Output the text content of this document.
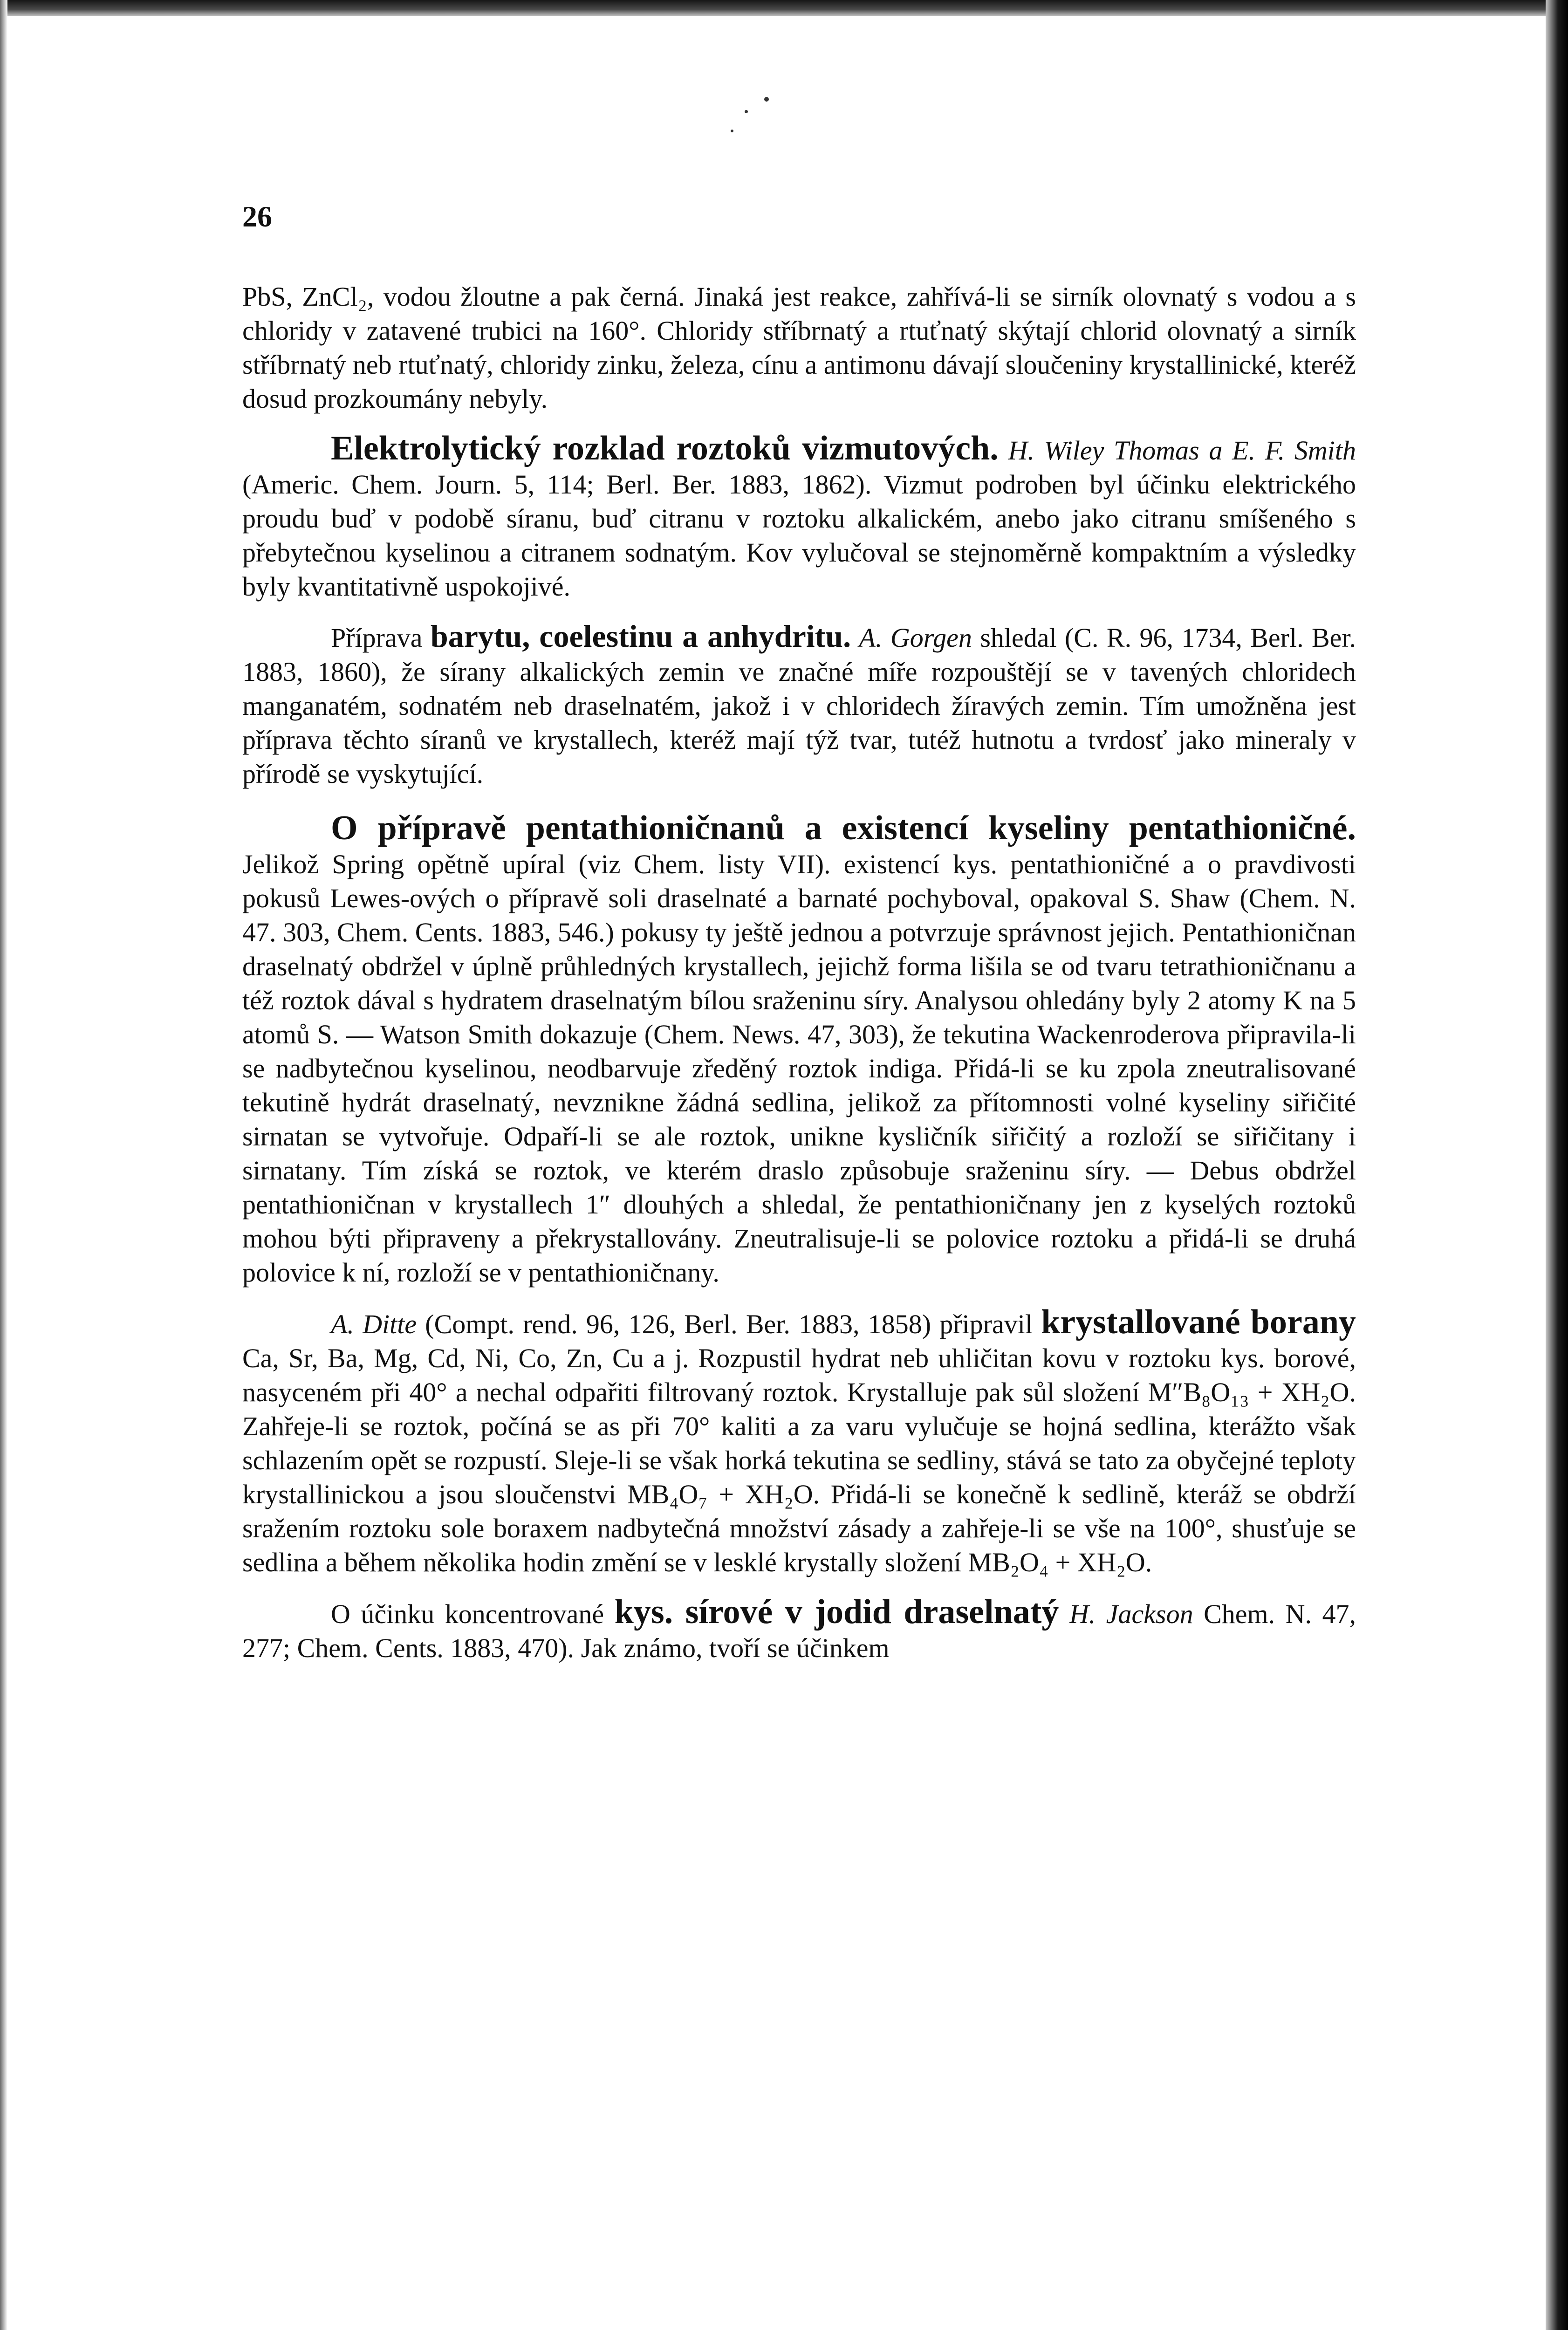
26

PbS, ZnCl₂, vodou žloutne a pak černá. Jinaká jest reakce, zahřívá-li se sirník olovnatý s vodou a s chloridy v zatavené trubici na 160°. Chloridy stříbrnatý a rtuťnatý skýtají chlorid olovnatý a sirník stříbrnatý neb rtuťnatý, chloridy zinku, železa, cínu a antimonu dávají sloučeniny krystallinické, kteréž dosud prozkoumány nebyly.

Elektrolytický rozklad roztoků vizmutových. H. Wiley Thomas a E. F. Smith (Americ. Chem. Journ. 5, 114; Berl. Ber. 1883, 1862). Vizmut podroben byl účinku elektrického proudu buď v podobě síranu, buď citranu v roztoku alkalickém, anebo jako citranu smíšeného s přebytečnou kyselinou a citranem sodnatým. Kov vylučoval se stejnoměrně kompaktním a výsledky byly kvantitativně uspokojivé.

Příprava barytu, coelestinu a anhydritu. A. Gorgen shledal (C. R. 96, 1734, Berl. Ber. 1883, 1860), že sírany alkalických zemin ve značné míře rozpouštějí se v tavených chloridech manganatém, sodnatém neb draselnatém, jakož i v chloridech žíravých zemin. Tím umožněna jest příprava těchto síranů ve krystallech, kteréž mají týž tvar, tutéž hutnotu a tvrdosť jako mineraly v přírodě se vyskytující.

O přípravě pentathioničnanů a existencí kyseliny pentathioničné. Jelikož Spring opětně upíral (viz Chem. listy VII). existencí kys. pentathioničné a o pravdivosti pokusů Lewes-ových o přípravě soli draselnaté a barnaté pochyboval, opakoval S. Shaw (Chem. N. 47. 303, Chem. Cents. 1883, 546.) pokusy ty ještě jednou a potvrzuje správnost jejich. Pentathioničnan draselnatý obdržel v úplně průhledných krystallech, jejichž forma lišila se od tvaru tetrathioničnanu a též roztok dával s hydratem draselnatým bílou sraženinu síry. Analysou ohledány byly 2 atomy K na 5 atomů S. — Watson Smith dokazuje (Chem. News. 47, 303), že tekutina Wackenroderova připravila-li se nadbytečnou kyselinou, neodbarvuje zředěný roztok indiga. Přidá-li se ku zpola zneutralisované tekutině hydrát draselnatý, nevznikne žádná sedlina, jelikož za přítomnosti volné kyseliny siřičité sirnatan se vytvořuje. Odpaří-li se ale roztok, unikne kysličník siřičitý a rozloží se siřičitany i sirnatany. Tím získá se roztok, ve kterém draslo způsobuje sraženinu síry. — Debus obdržel pentathioničnan v krystallech 1″ dlouhých a shledal, že pentathioničnany jen z kyselých roztoků mohou býti připraveny a překrystallovány. Zneutralisuje-li se polovice roztoku a přidá-li se druhá polovice k ní, rozloží se v pentathioničnany.

A. Ditte (Compt. rend. 96, 126, Berl. Ber. 1883, 1858) připravil krystallované borany Ca, Sr, Ba, Mg, Cd, Ni, Co, Zn, Cu a j. Rozpustil hydrat neb uhličitan kovu v roztoku kys. borové, nasyceném při 40° a nechal odpařiti filtrovaný roztok. Krystalluje pak sůl složení M″B₈O₁₃ + XH₂O. Zahřeje-li se roztok, počíná se as při 70° kaliti a za varu vylučuje se hojná sedlina, kterážto však schlazením opět se rozpustí. Sleje-li se však horká tekutina se sedliny, stává se tato za obyčejné teploty krystallinickou a jsou sloučenstvi MB₄O₇ + XH₂O. Přidá-li se konečně k sedlině, kteráž se obdrží sražením roztoku sole boraxem nadbytečná množství zásady a zahřeje-li se vše na 100°, shusťuje se sedlina a během několika hodin změní se v lesklé krystally složení MB₂O₄ + XH₂O.

O účinku koncentrované kys. sírové v jodid draselnatý H. Jackson Chem. N. 47, 277; Chem. Cents. 1883, 470). Jak známo, tvoří se účinkem
